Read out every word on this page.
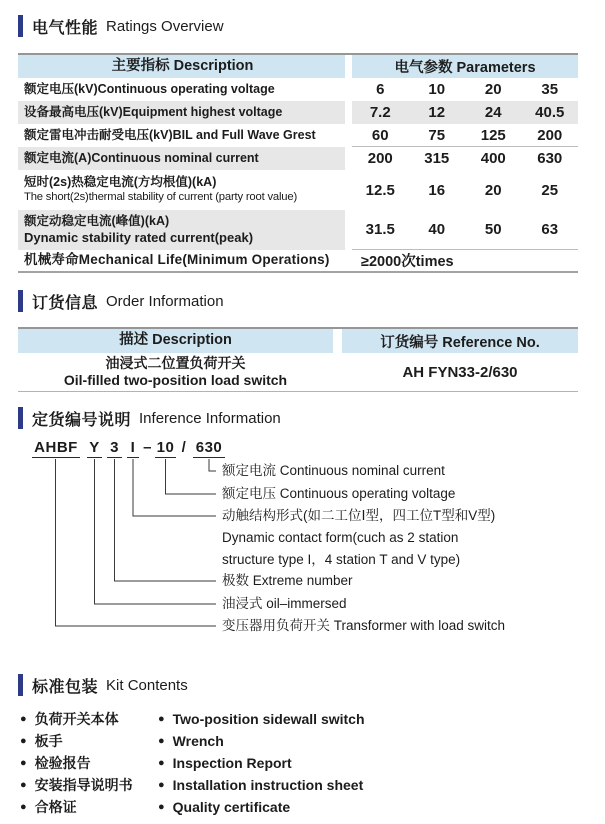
电气性能 Ratings Overview
主要指标 Description	电气参数 Parameters
额定电压(kV)Continuous operating voltage	6	10	20	35
设备最高电压(kV)Equipment highest voltage	7.2	12	24	40.5
额定雷电冲击耐受电压(kV)BIL and Full Wave Grest	60	75	125	200
额定电流(A)Continuous nominal current	200	315	400	630
短时(2s)热稳定电流(方均根值)(kA)
The short(2s)thermal stability of current (party root value)	12.5	16	20	25
额定动稳定电流(峰值)(kA)
Dynamic stability rated current(peak)	31.5	40	50	63
机械寿命Mechanical Life(Minimum Operations)	≥2000次times
订货信息 Order Information
描述 Description	订货编号 Reference No.
油浸式二位置负荷开关
Oil-filled two-position load switch	AH FYN33-2/630
定货编号说明 Inference Information
AHBF Y 3 I – 10 / 630
额定电流 Continuous nominal current
额定电压 Continuous operating voltage
动触结构形式(如二工位Ⅰ型，四工位T型和V型)
Dynamic contact form(cuch as 2 station
structure type I，4 station T and V type)
极数 Extreme number
油浸式 oil–immersed
变压器用负荷开关 Transformer with load switch
标准包装 Kit Contents
● 负荷开关本体	● Two-position sidewall switch
● 板手	● Wrench
● 检验报告	● Inspection Report
● 安装指导说明书 ● Installation instruction sheet
● 合格证	● Quality certificate
